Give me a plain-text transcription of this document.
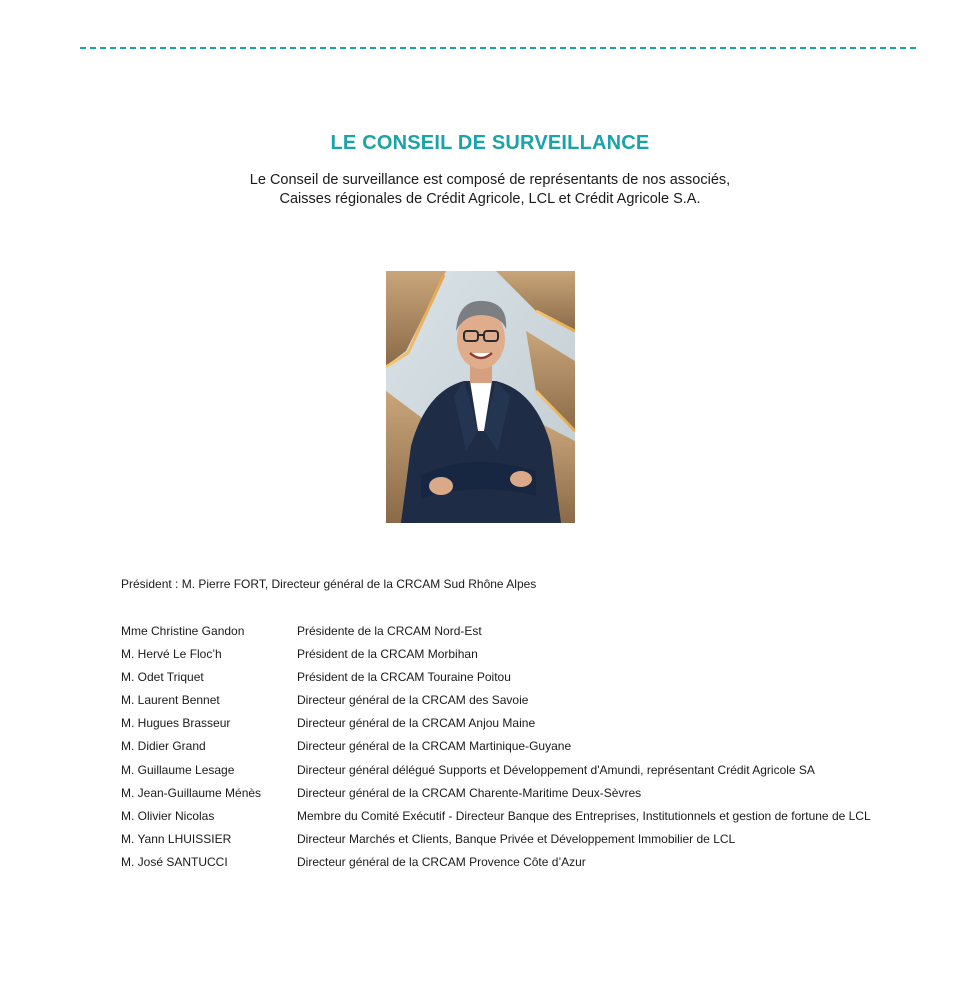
LE CONSEIL DE SURVEILLANCE
Le Conseil de surveillance est composé de représentants de nos associés,
Caisses régionales de Crédit Agricole, LCL et Crédit Agricole S.A.
Président : M. Pierre FORT, Directeur général de la CRCAM Sud Rhône Alpes
Mme Christine Gandon	Présidente de la CRCAM Nord-Est
M. Hervé Le Floc’h	Président de la CRCAM Morbihan
M. Odet Triquet	Président de la CRCAM Touraine Poitou
M. Laurent Bennet	Directeur général de la CRCAM des Savoie
M. Hugues Brasseur	Directeur général de la CRCAM Anjou Maine
M. Didier Grand	Directeur général de la CRCAM Martinique-Guyane
M. Guillaume Lesage	Directeur général délégué Supports et Développement d'Amundi, représentant Crédit Agricole SA
M. Jean-Guillaume Ménès	Directeur général de la CRCAM Charente-Maritime Deux-Sèvres
M. Olivier Nicolas	Membre du Comité Exécutif - Directeur Banque des Entreprises, Institutionnels et gestion de fortune de LCL
M. Yann LHUISSIER	Directeur Marchés et Clients, Banque Privée et Développement Immobilier de LCL
M. José SANTUCCI	Directeur général de la CRCAM Provence Côte d’Azur
